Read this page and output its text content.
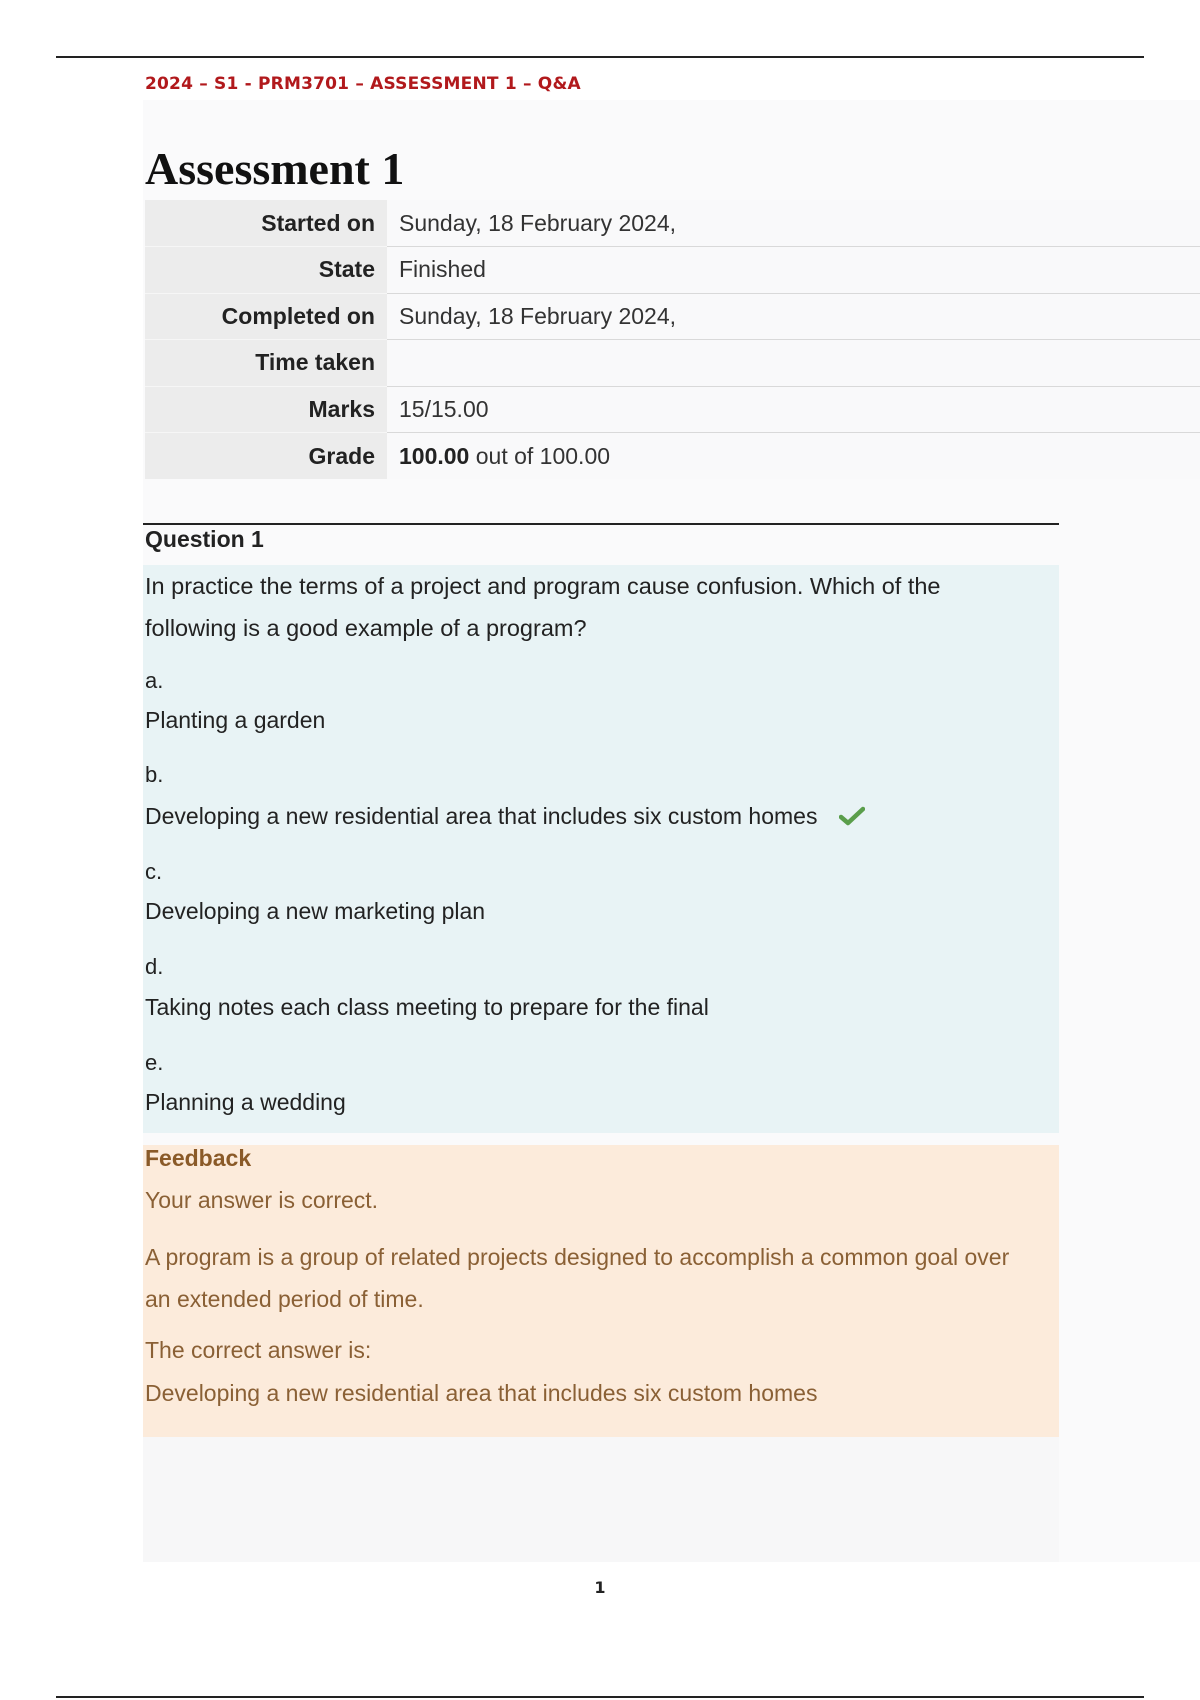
2024 – S1 - PRM3701 – ASSESSMENT 1 – Q&A
Assessment 1
Started on	Sunday, 18 February 2024,
State	Finished
Completed on	Sunday, 18 February 2024,
Time taken	
Marks	15/15.00
Grade	100.00 out of 100.00
Question 1
In practice the terms of a project and program cause confusion. Which of the following is a good example of a program?
a.
Planting a garden
b.
Developing a new residential area that includes six custom homes
c.
Developing a new marketing plan
d.
Taking notes each class meeting to prepare for the final
e.
Planning a wedding
Feedback
Your answer is correct.
A program is a group of related projects designed to accomplish a common goal over an extended period of time.
The correct answer is:
Developing a new residential area that includes six custom homes
1
